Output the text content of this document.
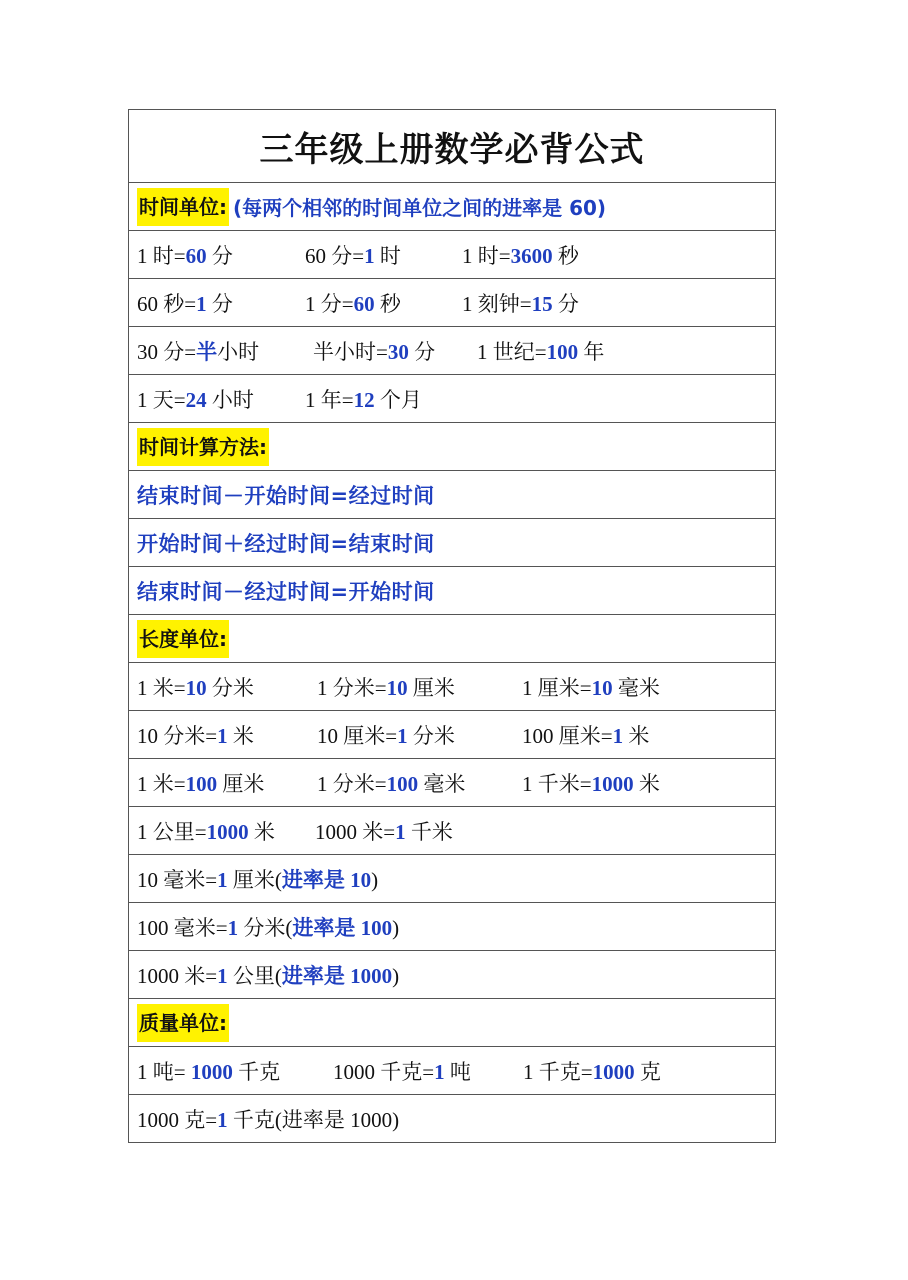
三年级上册数学必背公式
时间单位: (每两个相邻的时间单位之间的进率是 60)
1 时=60 分	60 分=1 时	1 时=3600 秒
60 秒=1 分	1 分=60 秒	1 刻钟=15 分
30 分=半小时	半小时=30 分	1 世纪=100 年
1 天=24 小时	1 年=12 个月
时间计算方法:
结束时间－开始时间=经过时间
开始时间＋经过时间=结束时间
结束时间－经过时间=开始时间
长度单位:
1 米=10 分米	1 分米=10 厘米	1 厘米=10 毫米
10 分米=1 米	10 厘米=1 分米	100 厘米=1 米
1 米=100 厘米	1 分米=100 毫米	1 千米=1000 米
1 公里=1000 米	1000 米=1 千米
10 毫米=1 厘米(进率是 10)
100 毫米=1 分米(进率是 100)
1000 米=1 公里(进率是 1000)
质量单位:
1 吨= 1000 千克	1000 千克=1 吨	1 千克=1000 克
1000 克=1 千克(进率是 1000)
